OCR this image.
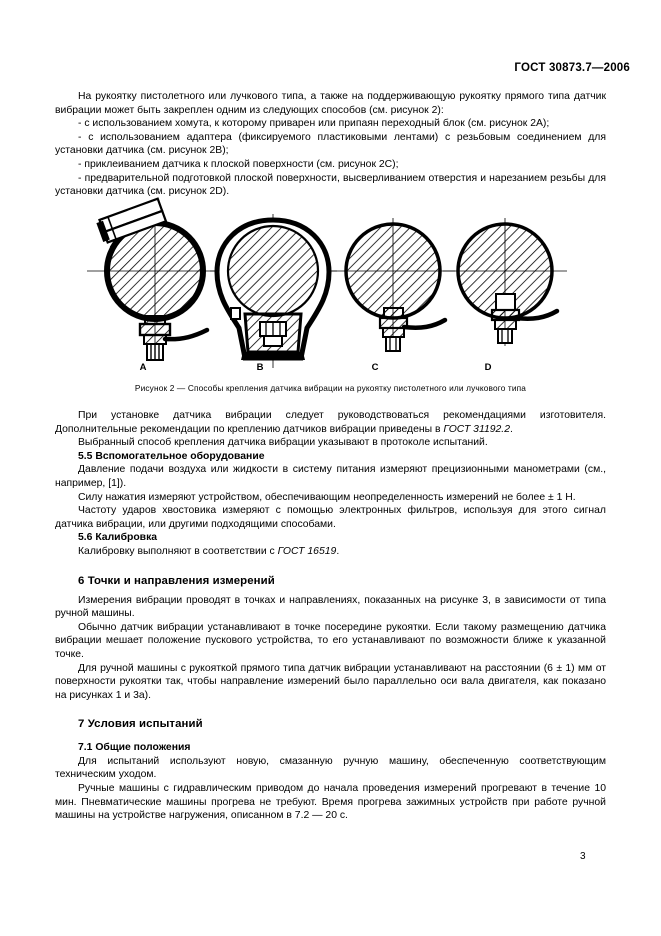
ГОСТ 30873.7—2006

На рукоятку пистолетного или лучкового типа, а также на поддерживающую рукоятку прямого типа датчик вибрации может быть закреплен одним из следующих способов (см. рисунок 2):

- с использованием хомута, к которому приварен или припаян переходный блок (см. рисунок 2А);

- с использованием адаптера (фиксируемого пластиковыми лентами) с резьбовым соединением для установки датчика (см. рисунок 2В);

- приклеиванием датчика к плоской поверхности (см. рисунок 2С);

- предварительной подготовкой плоской поверхности, высверливанием отверстия и нарезанием резьбы для установки датчика (см. рисунок 2D).

A	B	C	D
Рисунок 2 — Способы крепления датчика вибрации на рукоятку пистолетного или лучкового типа

При установке датчика вибрации следует руководствоваться рекомендациями изготовителя. Дополнительные рекомендации по креплению датчиков вибрации приведены в ГОСТ 31192.2.

Выбранный способ крепления датчика вибрации указывают в протоколе испытаний.

5.5 Вспомогательное оборудование

Давление подачи воздуха или жидкости в систему питания измеряют прецизионными манометрами (см., например, [1]).

Силу нажатия измеряют устройством, обеспечивающим неопределенность измерений не более ± 1 Н.

Частоту ударов хвостовика измеряют с помощью электронных фильтров, используя для этого сигнал датчика вибрации, или другими подходящими способами.

5.6 Калибровка

Калибровку выполняют в соответствии с ГОСТ 16519.

6 Точки и направления измерений

Измерения вибрации проводят в точках и направлениях, показанных на рисунке 3, в зависимости от типа ручной машины.

Обычно датчик вибрации устанавливают в точке посередине рукоятки. Если такому размещению датчика вибрации мешает положение пускового устройства, то его устанавливают по возможности ближе к указанной точке.

Для ручной машины с рукояткой прямого типа датчик вибрации устанавливают на расстоянии (6 ± 1) мм от поверхности рукоятки так, чтобы направление измерений было параллельно оси вала двигателя, как показано на рисунках 1 и 3а).

7 Условия испытаний
7.1 Общие положения

Для испытаний используют новую, смазанную ручную машину, обеспеченную соответствующим техническим уходом.

Ручные машины с гидравлическим приводом до начала проведения измерений прогревают в течение 10 мин. Пневматические машины прогрева не требуют. Время прогрева зажимных устройств при работе ручной машины на устройстве нагружения, описанном в 7.2 — 20 с.

3
